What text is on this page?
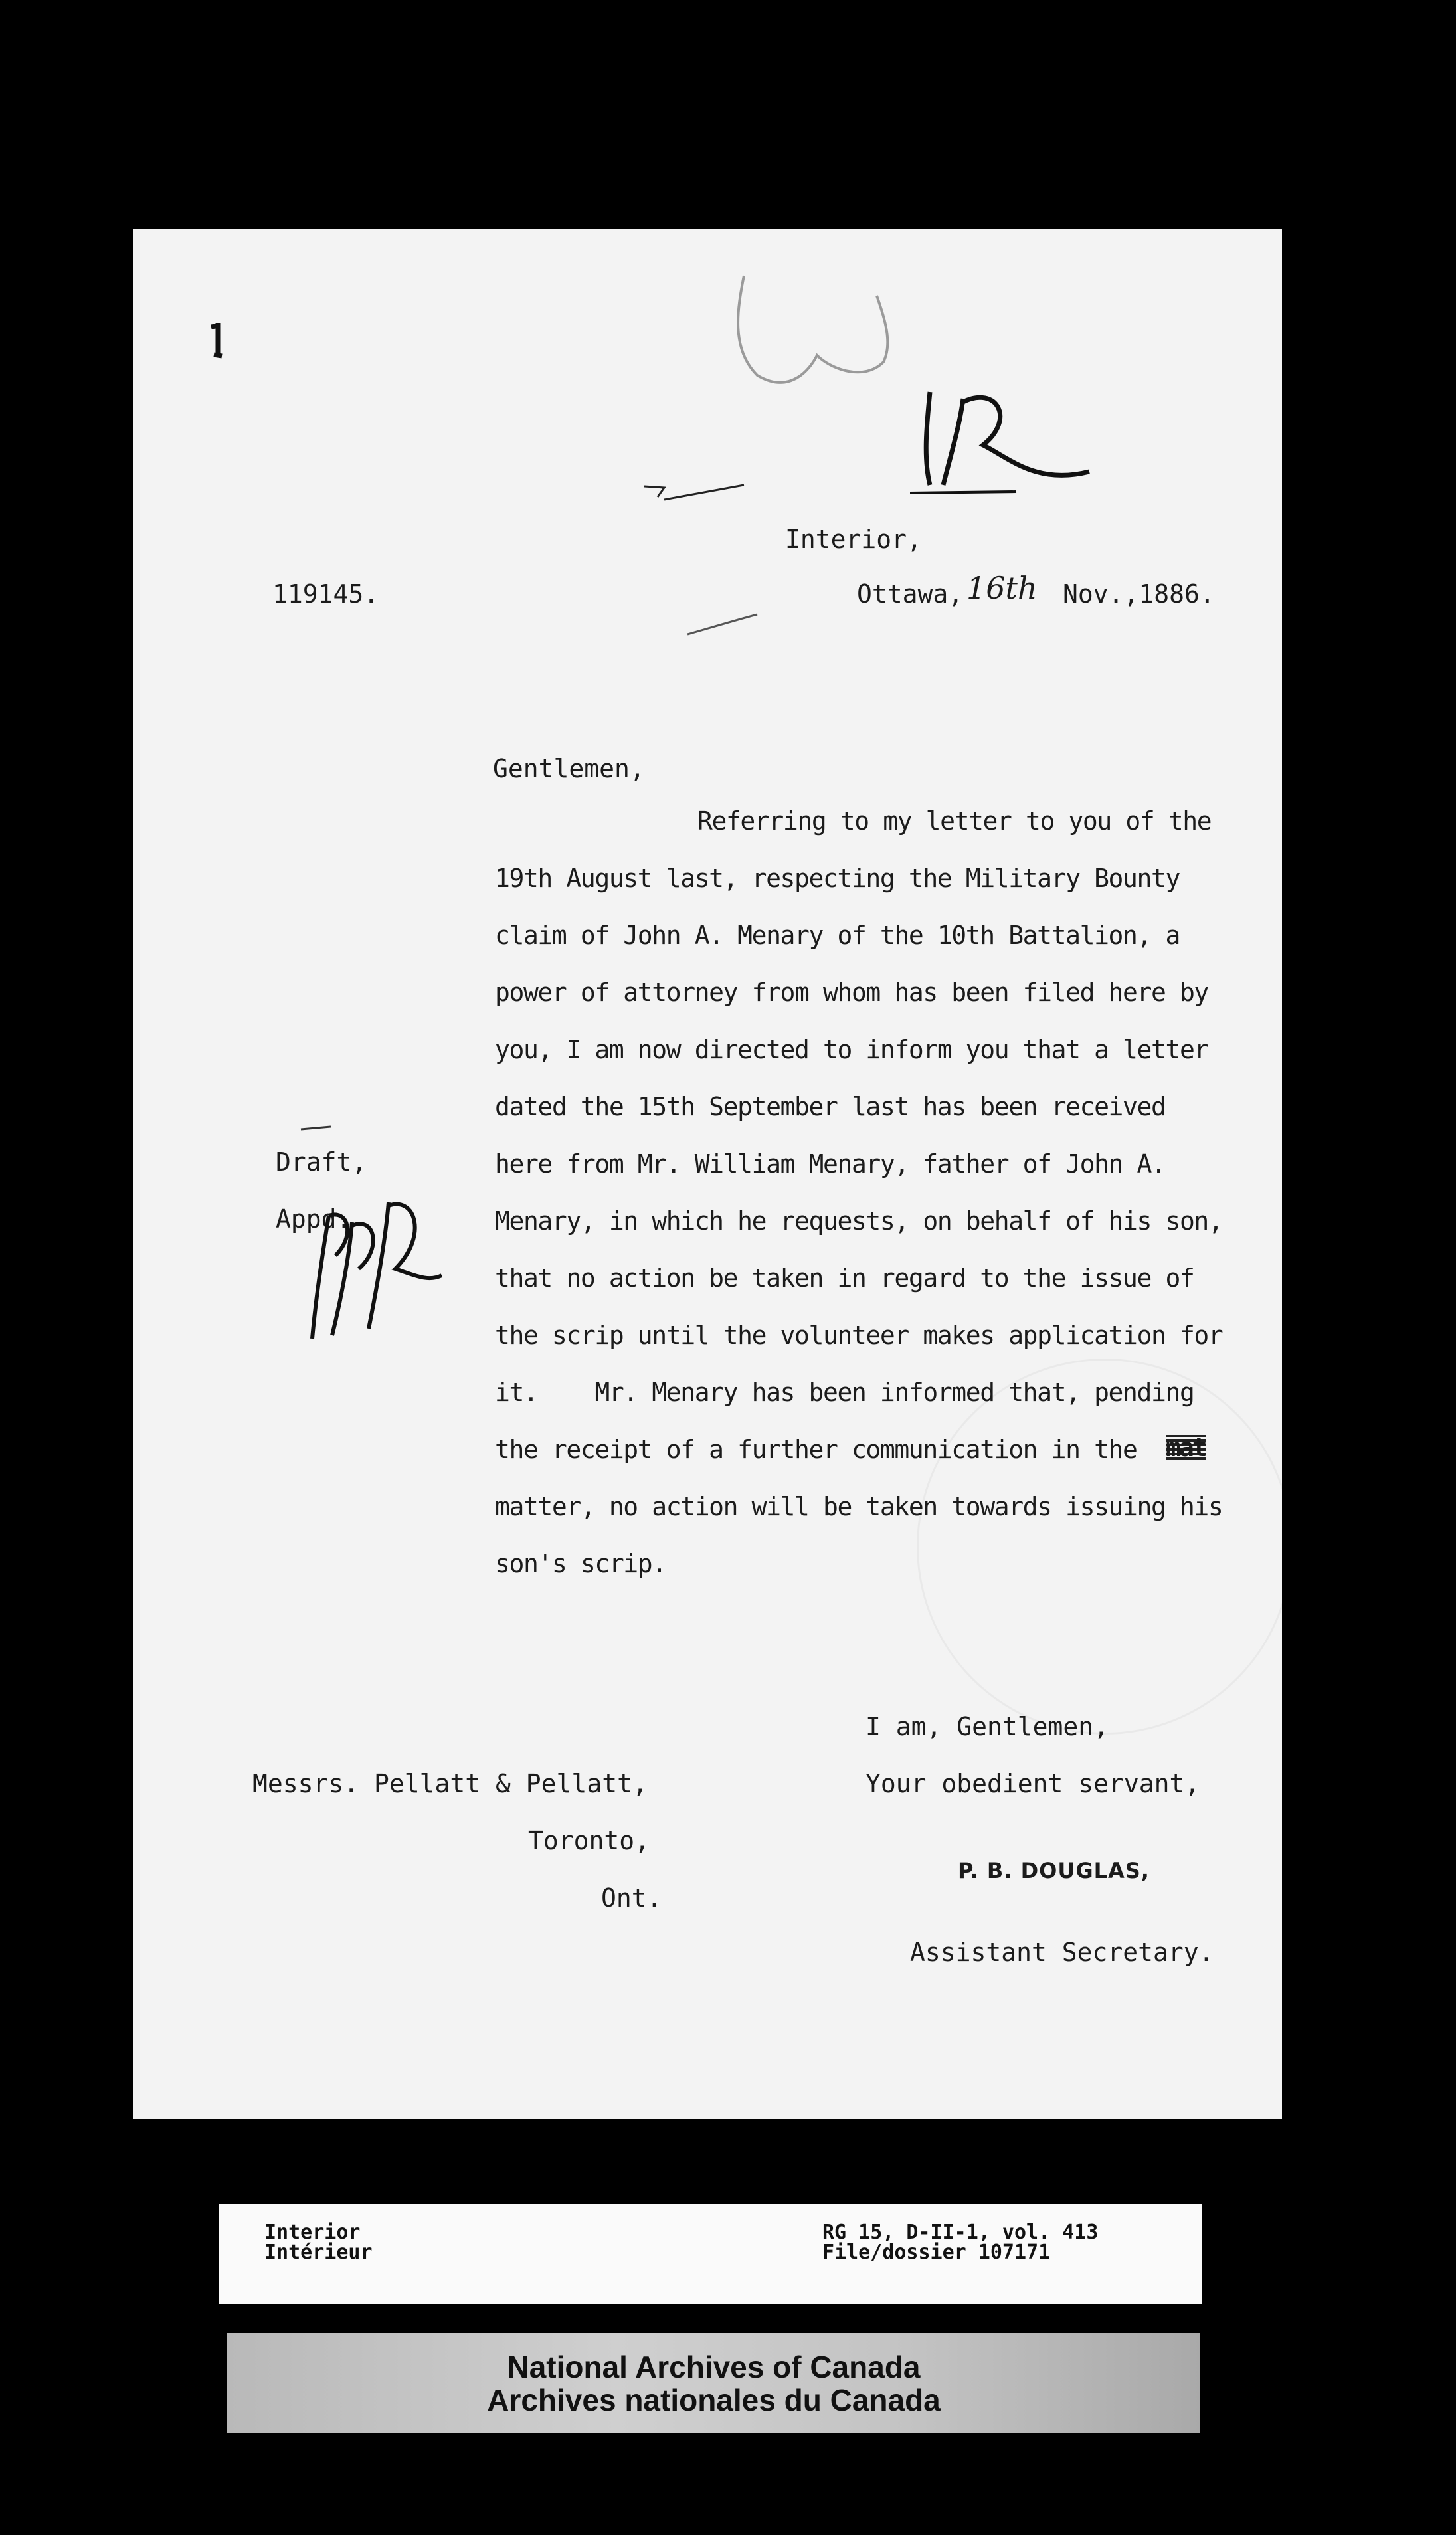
Interior,
119145.	Ottawa, 16th Nov.,1886.
Gentlemen,
Referring to my letter to you of the
19th August last, respecting the Military Bounty
claim of John A. Menary of the 10th Battalion, a
power of attorney from whom has been filed here by
you, I am now directed to inform you that a letter
dated the 15th September last has been received
here from Mr. William Menary, father of John A.
Menary, in which he requests, on behalf of his son,
that no action be taken in regard to the issue of
the scrip until the volunteer makes application for
it.    Mr. Menary has been informed that, pending
the receipt of a further communication in the mat
matter, no action will be taken towards issuing his
son's scrip.
Draft,
Appd.
I am, Gentlemen,
Your obedient servant,
P. B. DOUGLAS,
Assistant Secretary.
Messrs. Pellatt & Pellatt,
Toronto,
Ont.
Interior
Intérieur
RG 15, D-II-1, vol. 413
File/dossier 107171
National Archives of Canada
Archives nationales du Canada
